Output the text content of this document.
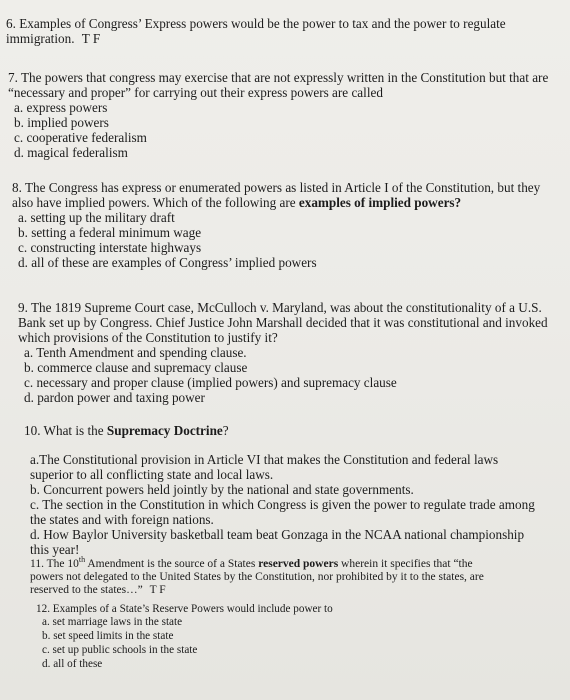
6. Examples of Congress’ Express powers would be the power to tax and the power to regulate immigration. T F

7. The powers that congress may exercise that are not expressly written in the Constitution but that are “necessary and proper” for carrying out their express powers are called

a. express powers
b. implied powers
c. cooperative federalism
d. magical federalism

8. The Congress has express or enumerated powers as listed in Article I of the Constitution, but they also have implied powers. Which of the following are examples of implied powers?

a. setting up the military draft
b. setting a federal minimum wage
c. constructing interstate highways
d. all of these are examples of Congress’ implied powers

9. The 1819 Supreme Court case, McCulloch v. Maryland, was about the constitutionality of a U.S. Bank set up by Congress. Chief Justice John Marshall decided that it was constitutional and invoked which provisions of the Constitution to justify it?

a. Tenth Amendment and spending clause.
b. commerce clause and supremacy clause
c. necessary and proper clause (implied powers) and supremacy clause
d. pardon power and taxing power

10. What is the Supremacy Doctrine?

a.The Constitutional provision in Article VI that makes the Constitution and federal laws superior to all conflicting state and local laws.
b. Concurrent powers held jointly by the national and state governments.
c. The section in the Constitution in which Congress is given the power to regulate trade among the states and with foreign nations.
d. How Baylor University basketball team beat Gonzaga in the NCAA national championship this year!
11. The 10th Amendment is the source of a States reserved powers wherein it specifies that “the powers not delegated to the United States by the Constitution, nor prohibited by it to the states, are reserved to the states…” T F

12. Examples of a State’s Reserve Powers would include power to

a. set marriage laws in the state
b. set speed limits in the state
c. set up public schools in the state
d. all of these
